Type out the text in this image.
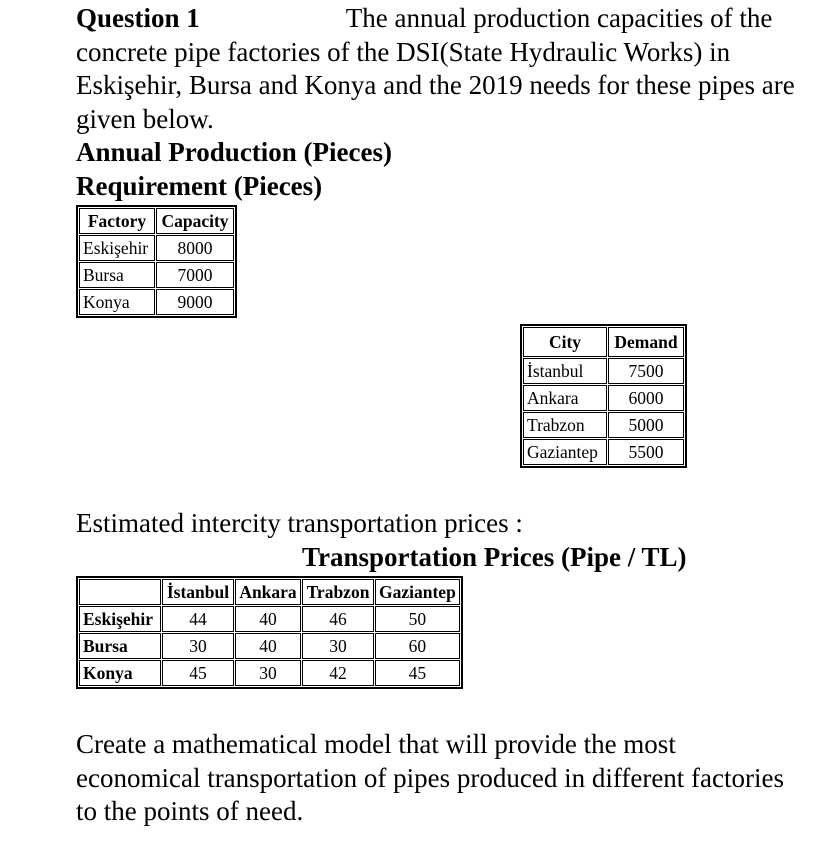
Question 1	The annual production capacities of the concrete pipe factories of the DSI(State Hydraulic Works) in Eskişehir, Bursa and Konya and the 2019 needs for these pipes are given below.

Annual Production (Pieces)

Requirement (Pieces)

Factory	Capacity
Eskişehir	8000
Bursa	7000
Konya	9000
City	Demand
İstanbul	7500
Ankara	6000
Trabzon	5000
Gaziantep	5500

Estimated intercity transportation prices :

Transportation Prices (Pipe / TL)

	İstanbul	Ankara	Trabzon	Gaziantep
Eskişehir	44	40	46	50
Bursa	30	40	30	60
Konya	45	30	42	45

Create a mathematical model that will provide the most economical transportation of pipes produced in different factories to the points of need.
